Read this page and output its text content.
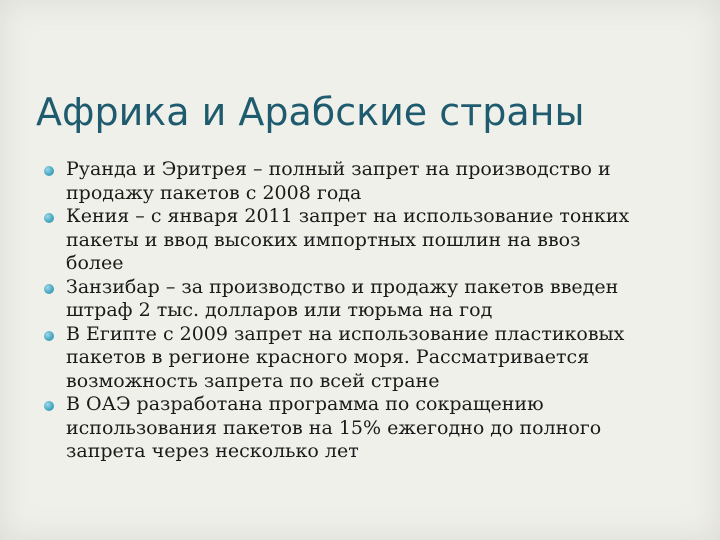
Африка и Арабские страны
Руанда и Эритрея – полный запрет на производство и
продажу пакетов с 2008 года
Кения – с января 2011 запрет на использование тонких
пакеты и ввод высоких импортных пошлин на ввоз
более
Занзибар – за производство и продажу пакетов введен
штраф 2 тыс. долларов или тюрьма на год
В Египте с 2009 запрет на использование пластиковых
пакетов в регионе красного моря. Рассматривается
возможность запрета по всей стране
В ОАЭ разработана программа по сокращению
использования пакетов на 15% ежегодно до полного
запрета через несколько лет
